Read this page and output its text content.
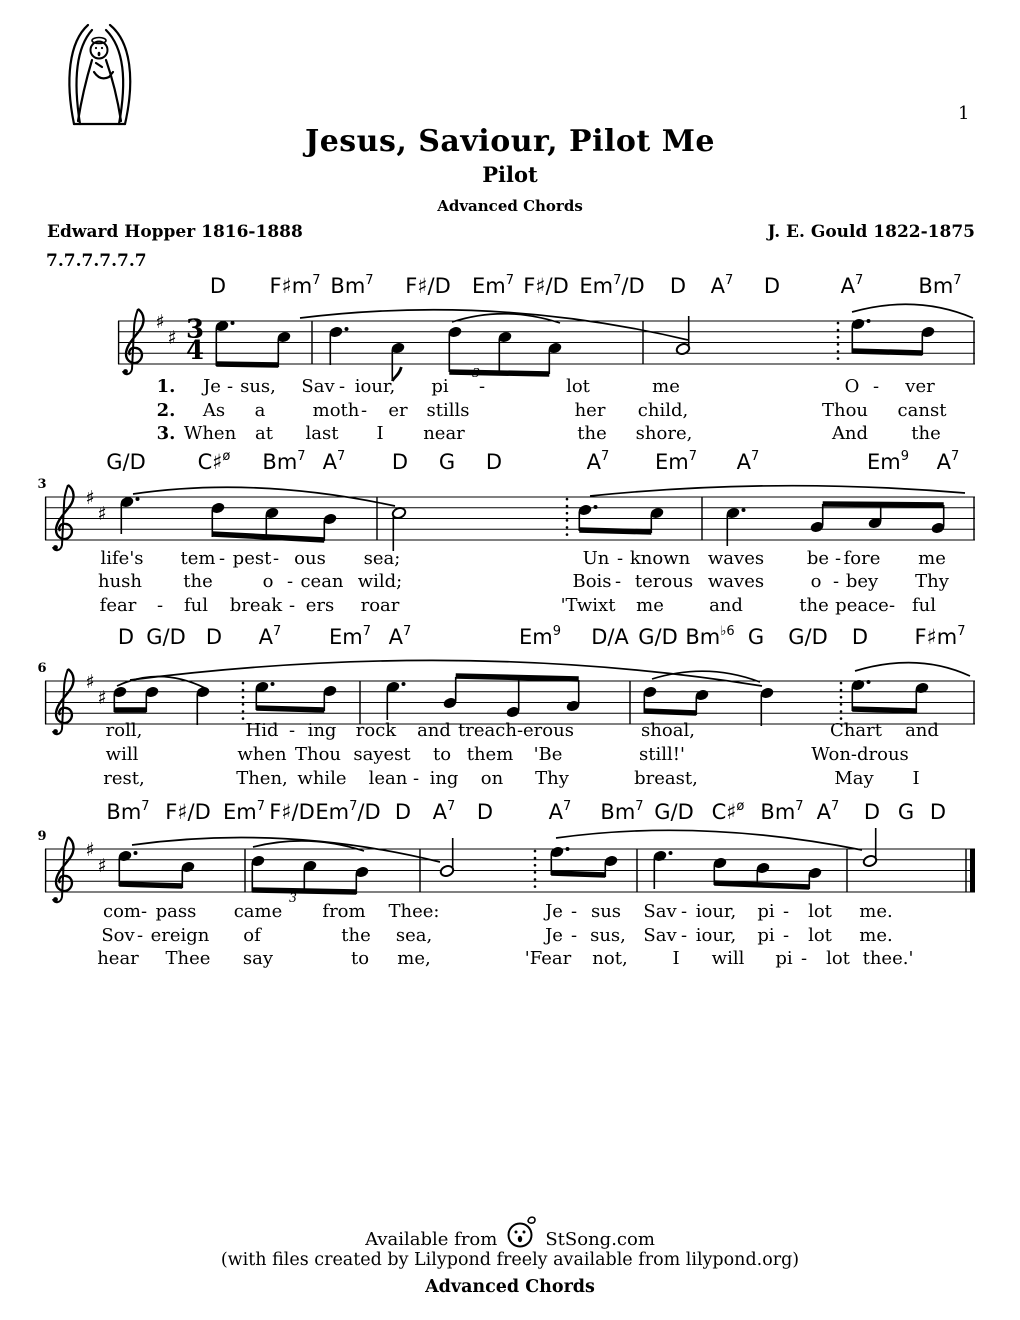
1
Jesus, Saviour, Pilot Me
Pilot
Advanced Chords
Edward Hopper 1816-1888	J. E. Gould 1822-1875
7.7.7.7.7.7
♯
♯ 3
4
3
♯
♯
3
♯
♯
6
♯
♯
3
9
D $F♯m^7$ Bm$^7$ F♯/D Em$^7$ F♯/D Em$^7$/D D $A^7$ D	$A^7$	Bm$^7$
1. Je - sus, Sav - iour, pi -	lot	me	O - ver
2. As a	moth - er stills	her child,	Thou canst
3. When at last I near	the shore,	And the
G/D C♯$^ø$ Bm$^7$ $A^7$ D G D	$A^7$ Em$^7$ $A^7$	Em$^9$ $A^7$
life's tem - pest - ous sea;	Un - known waves be - fore me
hush the	o - cean wild;	Bois - terous waves	o - bey Thy
fear - ful break - ers roar	'Twixt me	and	the peace - ful
D G/D D $A^7$ Em$^7$ $A^7$	Em$^9$ D/A G/D $Bm^{♭6}$ G G/D D $F♯m^7$
roll,	Hid - ing rock and treach-erous	shoal,	Chart and
will	when Thou sayest to them 'Be	still!'	Won-drous
rest,	Then, while lean - ing on Thy	breast,	May I
Bm$^7$ F♯/D Em$^7$ F♯/D Em$^7$/D D $A^7$ D	$A^7$ Bm$^7$ G/D C♯$^ø$ Bm$^7$ $A^7$ D G D
com - pass came from Thee:	Je - sus Sav - iour, pi - lot me.
Sov - ereign of	the sea,	Je - sus, Sav - iour, pi - lot me.
hear Thee say	to me,	'Fear not, I will pi - lot thee.'
Available from	StSong.com
(with files created by Lilypond freely available from lilypond.org)
Advanced Chords
